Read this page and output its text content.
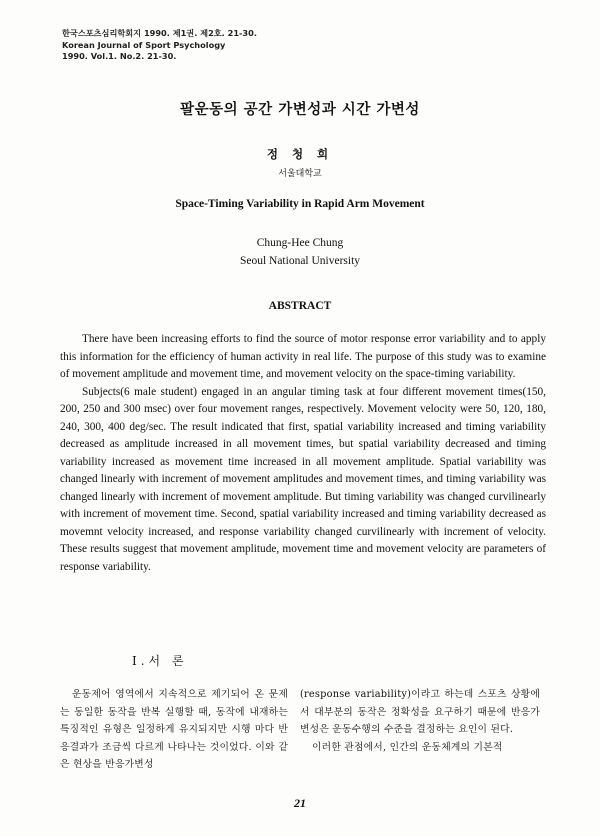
한국스포츠심리학회지 1990. 제1권. 제2호. 21-30.
Korean Journal of Sport Psychology
1990. Vol.1. No.2. 21-30.
팔운동의 공간 가변성과 시간 가변성
정 청 희
서울대학교
Space-Timing Variability in Rapid Arm Movement
Chung-Hee Chung
Seoul National University
ABSTRACT

There have been increasing efforts to find the source of motor response error variability and to apply this information for the efficiency of human activity in real life. The purpose of this study was to examine of movement amplitude and movement time, and movement velocity on the space-timing variability.

Subjects(6 male student) engaged in an angular timing task at four different movement times(150, 200, 250 and 300 msec) over four movement ranges, respectively. Movement velocity were 50, 120, 180, 240, 300, 400 deg/sec. The result indicated that first, spatial variability increased and timing variability decreased as amplitude increased in all movement times, but spatial variability decreased and timing variability increased as movement time increased in all movement amplitude. Spatial variability was changed linearly with increment of movement amplitudes and movement times, and timing variability was changed linearly with increment of movement amplitude. But timing variability was changed curvilinearly with increment of movement time. Second, spatial variability increased and timing variability decreased as movemnt velocity increased, and response variability changed curvilinearly with increment of velocity. These results suggest that movement amplitude, movement time and movement velocity are parameters of response variability.

Ⅰ.서 론

운동제어 영역에서 지속적으로 제기되어 온 문제는 동일한 동작을 반복 실행할 때, 동작에 내재하는 특징적인 유형은 일정하게 유지되지만 시행 마다 반응결과가 조금씩 다르게 나타나는 것이었다. 이와 같은 현상을 반응가변성

(response variability)이라고 하는데 스포츠 상황에서 대부분의 동작은 정확성을 요구하기 때문에 반응가변성은 운동수행의 수준을 결정하는 요인이 된다.

이러한 관점에서, 인간의 운동체계의 기본적

21
